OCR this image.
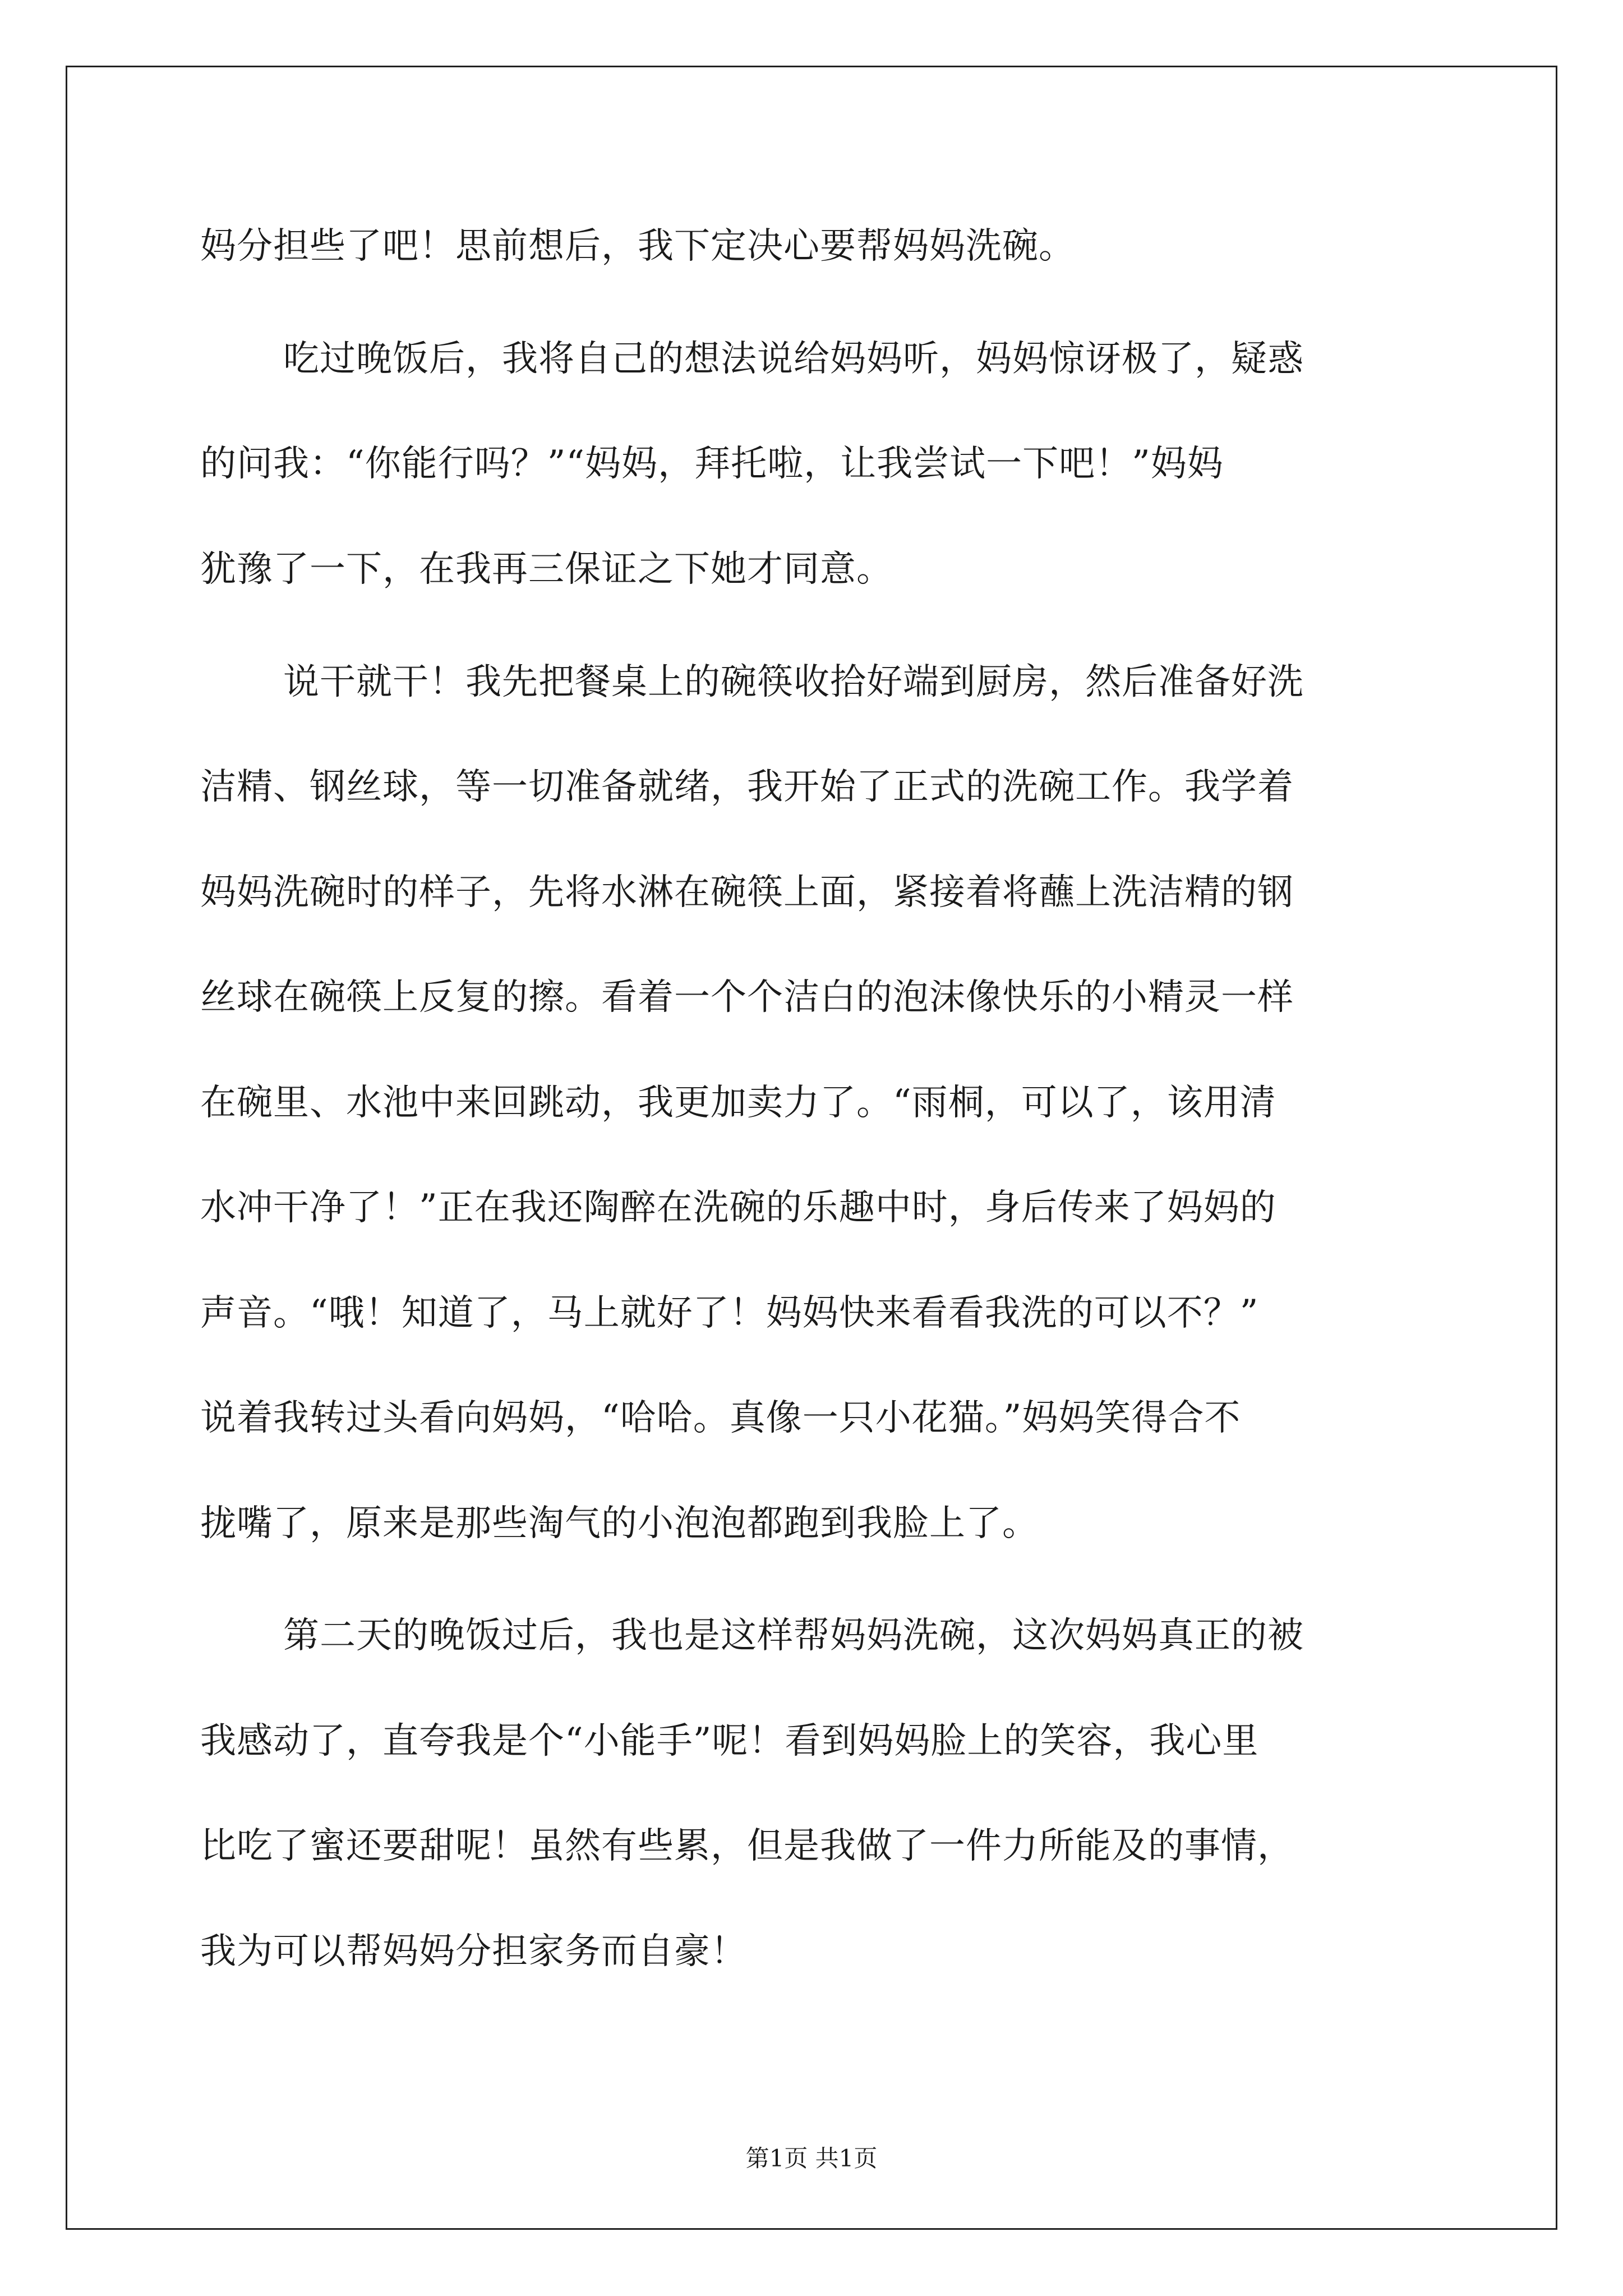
妈分担些了吧！思前想后，我下定决心要帮妈妈洗碗。
吃过晚饭后，我将自己的想法说给妈妈听，妈妈惊讶极了，疑惑
的问我：“你能行吗？”“妈妈，拜托啦，让我尝试一下吧！”妈妈
犹豫了一下，在我再三保证之下她才同意。
说干就干！我先把餐桌上的碗筷收拾好端到厨房，然后准备好洗
洁精、钢丝球，等一切准备就绪，我开始了正式的洗碗工作。我学着
妈妈洗碗时的样子，先将水淋在碗筷上面，紧接着将蘸上洗洁精的钢
丝球在碗筷上反复的擦。看着一个个洁白的泡沫像快乐的小精灵一样
在碗里、水池中来回跳动，我更加卖力了。“雨桐，可以了，该用清
水冲干净了！”正在我还陶醉在洗碗的乐趣中时，身后传来了妈妈的
声音。“哦！知道了，马上就好了！妈妈快来看看我洗的可以不？”
说着我转过头看向妈妈，“哈哈。真像一只小花猫。”妈妈笑得合不
拢嘴了，原来是那些淘气的小泡泡都跑到我脸上了。
第二天的晚饭过后，我也是这样帮妈妈洗碗，这次妈妈真正的被
我感动了，直夸我是个“小能手”呢！看到妈妈脸上的笑容，我心里
比吃了蜜还要甜呢！虽然有些累，但是我做了一件力所能及的事情，
我为可以帮妈妈分担家务而自豪！
第1页 共1页
